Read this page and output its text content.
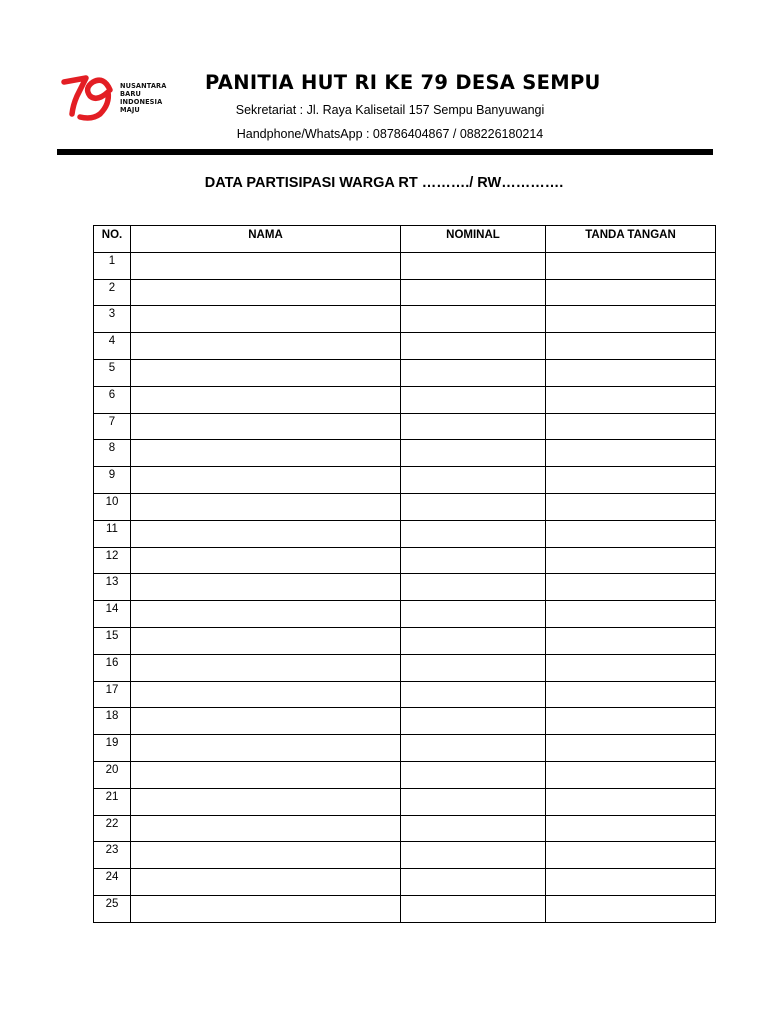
NUSANTARA
BARU
INDONESIA
MAJU
PANITIA HUT RI KE 79 DESA SEMPU
Sekretariat : Jl. Raya Kalisetail 157 Sempu Banyuwangi
Handphone/WhatsApp : 08786404867 / 088226180214
DATA PARTISIPASI WARGA RT ………./ RW………….
NO.	NAMA	NOMINAL	TANDA TANGAN
1			
2			
3			
4			
5			
6			
7			
8			
9			
10			
11			
12			
13			
14			
15			
16			
17			
18			
19			
20			
21			
22			
23			
24			
25			
